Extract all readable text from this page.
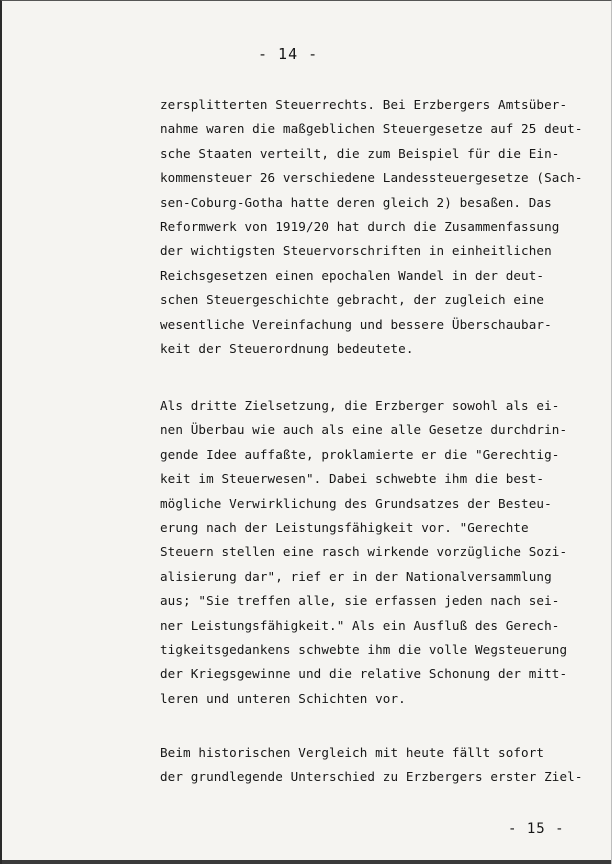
- 14 -
zersplitterten Steuerrechts. Bei Erzbergers Amtsüber-
nahme waren die maßgeblichen Steuergesetze auf 25 deut-
sche Staaten verteilt, die zum Beispiel für die Ein-
kommensteuer 26 verschiedene Landessteuergesetze (Sach-
sen-Coburg-Gotha hatte deren gleich 2) besaßen. Das
Reformwerk von 1919/20 hat durch die Zusammenfassung
der wichtigsten Steuervorschriften in einheitlichen
Reichsgesetzen einen epochalen Wandel in der deut-
schen Steuergeschichte gebracht, der zugleich eine
wesentliche Vereinfachung und bessere Überschaubar-
keit der Steuerordnung bedeutete.
Als dritte Zielsetzung, die Erzberger sowohl als ei-
nen Überbau wie auch als eine alle Gesetze durchdrin-
gende Idee auffaßte, proklamierte er die "Gerechtig-
keit im Steuerwesen". Dabei schwebte ihm die best-
mögliche Verwirklichung des Grundsatzes der Besteu-
erung nach der Leistungsfähigkeit vor. "Gerechte
Steuern stellen eine rasch wirkende vorzügliche Sozi-
alisierung dar", rief er in der Nationalversammlung
aus; "Sie treffen alle, sie erfassen jeden nach sei-
ner Leistungsfähigkeit." Als ein Ausfluß des Gerech-
tigkeitsgedankens schwebte ihm die volle Wegsteuerung
der Kriegsgewinne und die relative Schonung der mitt-
leren und unteren Schichten vor.
Beim historischen Vergleich mit heute fällt sofort
der grundlegende Unterschied zu Erzbergers erster Ziel-
- 15 -
